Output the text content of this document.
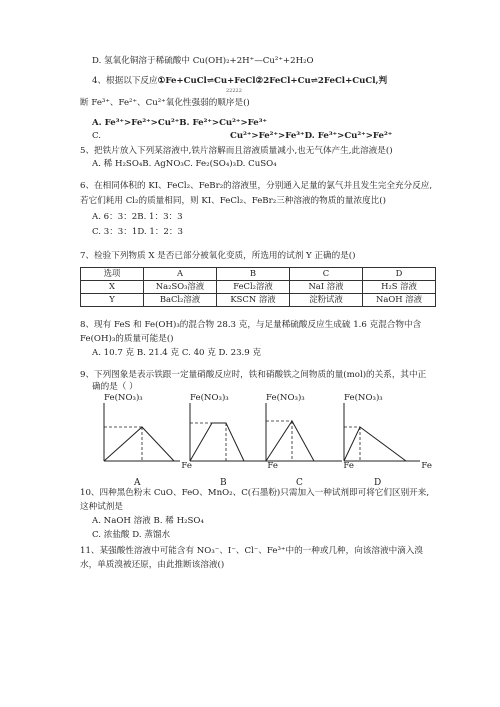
D. 氢氧化铜溶于稀硫酸中 Cu(OH)₂+2H⁺—Cu²⁺+2H₂O
4、根据以下反应①Fe+CuCl⇌Cu+FeCl②2FeCl+Cu⇌2FeCl+CuCl,判
22222
断 Fe³⁺、Fe²⁺、Cu²⁺氧化性强弱的顺序是()
A. Fe³⁺>Fe²⁺>Cu²⁺B. Fe²⁺>Cu²⁺>Fe³⁺
C.	Cu²⁺>Fe²⁺>Fe³⁺D. Fe³⁺>Cu²⁺>Fe²⁺
5、把铁片放入下列某溶液中,铁片溶解而且溶液质量减小,也无气体产生,此溶液是()
A. 稀 H₂SO₄B. AgNO₃C. Fe₂(SO₄)₃D. CuSO₄
6、在相同体积的 KI、FeCl₂、FeBr₂的溶液里，分别通入足量的氯气并且发生完全充分反应,
若它们耗用 Cl₂的质量相同，则 KI、FeCl₂、FeBr₂三种溶液的物质的量浓度比()
A. 6：3：2B. 1：3：3
C. 3：3：1D. 1：2：3
7、检验下列物质 X 是否已部分被氧化变质，所选用的试剂 Y 正确的是()
选项	A	B	C	D
X	Na₂SO₃溶液	FeCl₂溶液	NaI 溶液	H₂S 溶液
Y	BaCl₂溶液	KSCN 溶液	淀粉试液	NaOH 溶液
8、现有 FeS 和 Fe(OH)₃的混合物 28.3 克，与足量稀硫酸反应生成硫 1.6 克混合物中含
Fe(OH)₃的质量可能是()
A. 10.7 克 B. 21.4 克 C. 40 克 D. 23.9 克
9、下列图象是表示铁跟一定量硝酸反应时，铁和硝酸铁之间物质的量(mol)的关系，其中正
确的是（ ）
Fe(NO₃)₃
Fe
A
Fe(NO₃)₃
Fe
B
Fe(NO₃)₃
Fe
C
Fe(NO₃)₃
Fe
D
10、四种黑色粉末 CuO、FeO、MnO₂、C(石墨粉)只需加入一种试剂即可将它们区别开来,
这种试剂是
A. NaOH 溶液 B. 稀 H₂SO₄
C. 浓盐酸 D. 蒸馏水
11、某强酸性溶液中可能含有 NO₃⁻、I⁻、Cl⁻、Fe³⁺中的一种或几种，向该溶液中滴入溴
水，单质溴被还原，由此推断该溶液()
